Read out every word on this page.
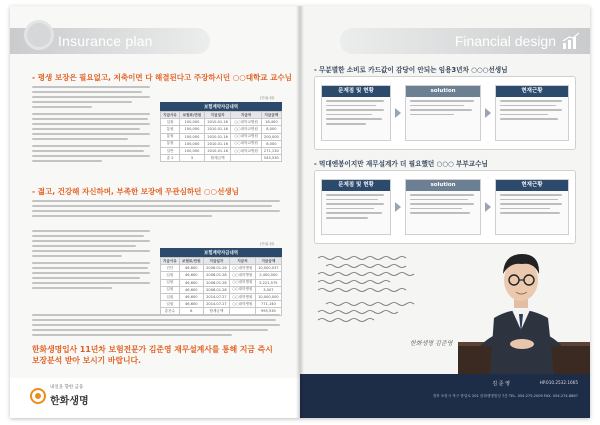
Insurance plan
- 평생 보장은 필요없고, 저축이면 다 해결된다고 주장하시던 ○○대학교 교수님
(단위:원)
보험계약자금내역
지급사유	보험료/만원	지급일자	지급처	지급금액
입원	100,000	2010.01.16	○○대학교병원	18,400
통원	100,000	2010.01.16	○○대학교병원	8,000
통원	100,000	2010.01.16	○○대학교병원	200,000
통원	100,000	2010.01.16	○○대학교병원	8,000
일반	100,000	2010.01.16	○○대학교병원	271,130
총 2	3	합계금액		545,530
- 젊고, 건강해 자신하며, 부족한 보장에 무관심하던 ○○선생님
(단위:원)
보험계약자금내역
지급사유	보험료/만원	지급일자	지급처	지급금액
진단	46,600	2008.01.28	○○대학병원	10,000,037
입원	46,600	2008.01.28	○○대학병원	2,400,000
입원	46,600	2008.01.28	○○대학병원	5,221,575
입원	46,600	2008.01.28	○○대학병원	3,007
입원	46,600	2014.07.27	○○대학병원	10,000,000
입원	46,600	2014.07.27	○○대학병원	771,140
총건수	6	합계금액		995,530
한화생명입사 11년차 보험전문가 김준영 재무설계사를 통해 지금 즉시 보장분석 받아 보시기 바랍니다.
내일을 향한 금융
한화생명
Financial design
- 무분별한 소비로 카드값이 감당이 안되는 임용3년차 ○○○선생님
문제점 및 현황	solution	현재근황
- 먹대엔봉이지만 재무설계가 더 필요했던 ○○○ 부부교수님
문제점 및 현황	solution	현재근황
한화생명 김준영
김 준 영	HP.010.2532.1665
경북 포항시 북구 중앙로 201 한화생명빌딩 7층 TEL. 054.275.2009 FAX. 054.274.8867
